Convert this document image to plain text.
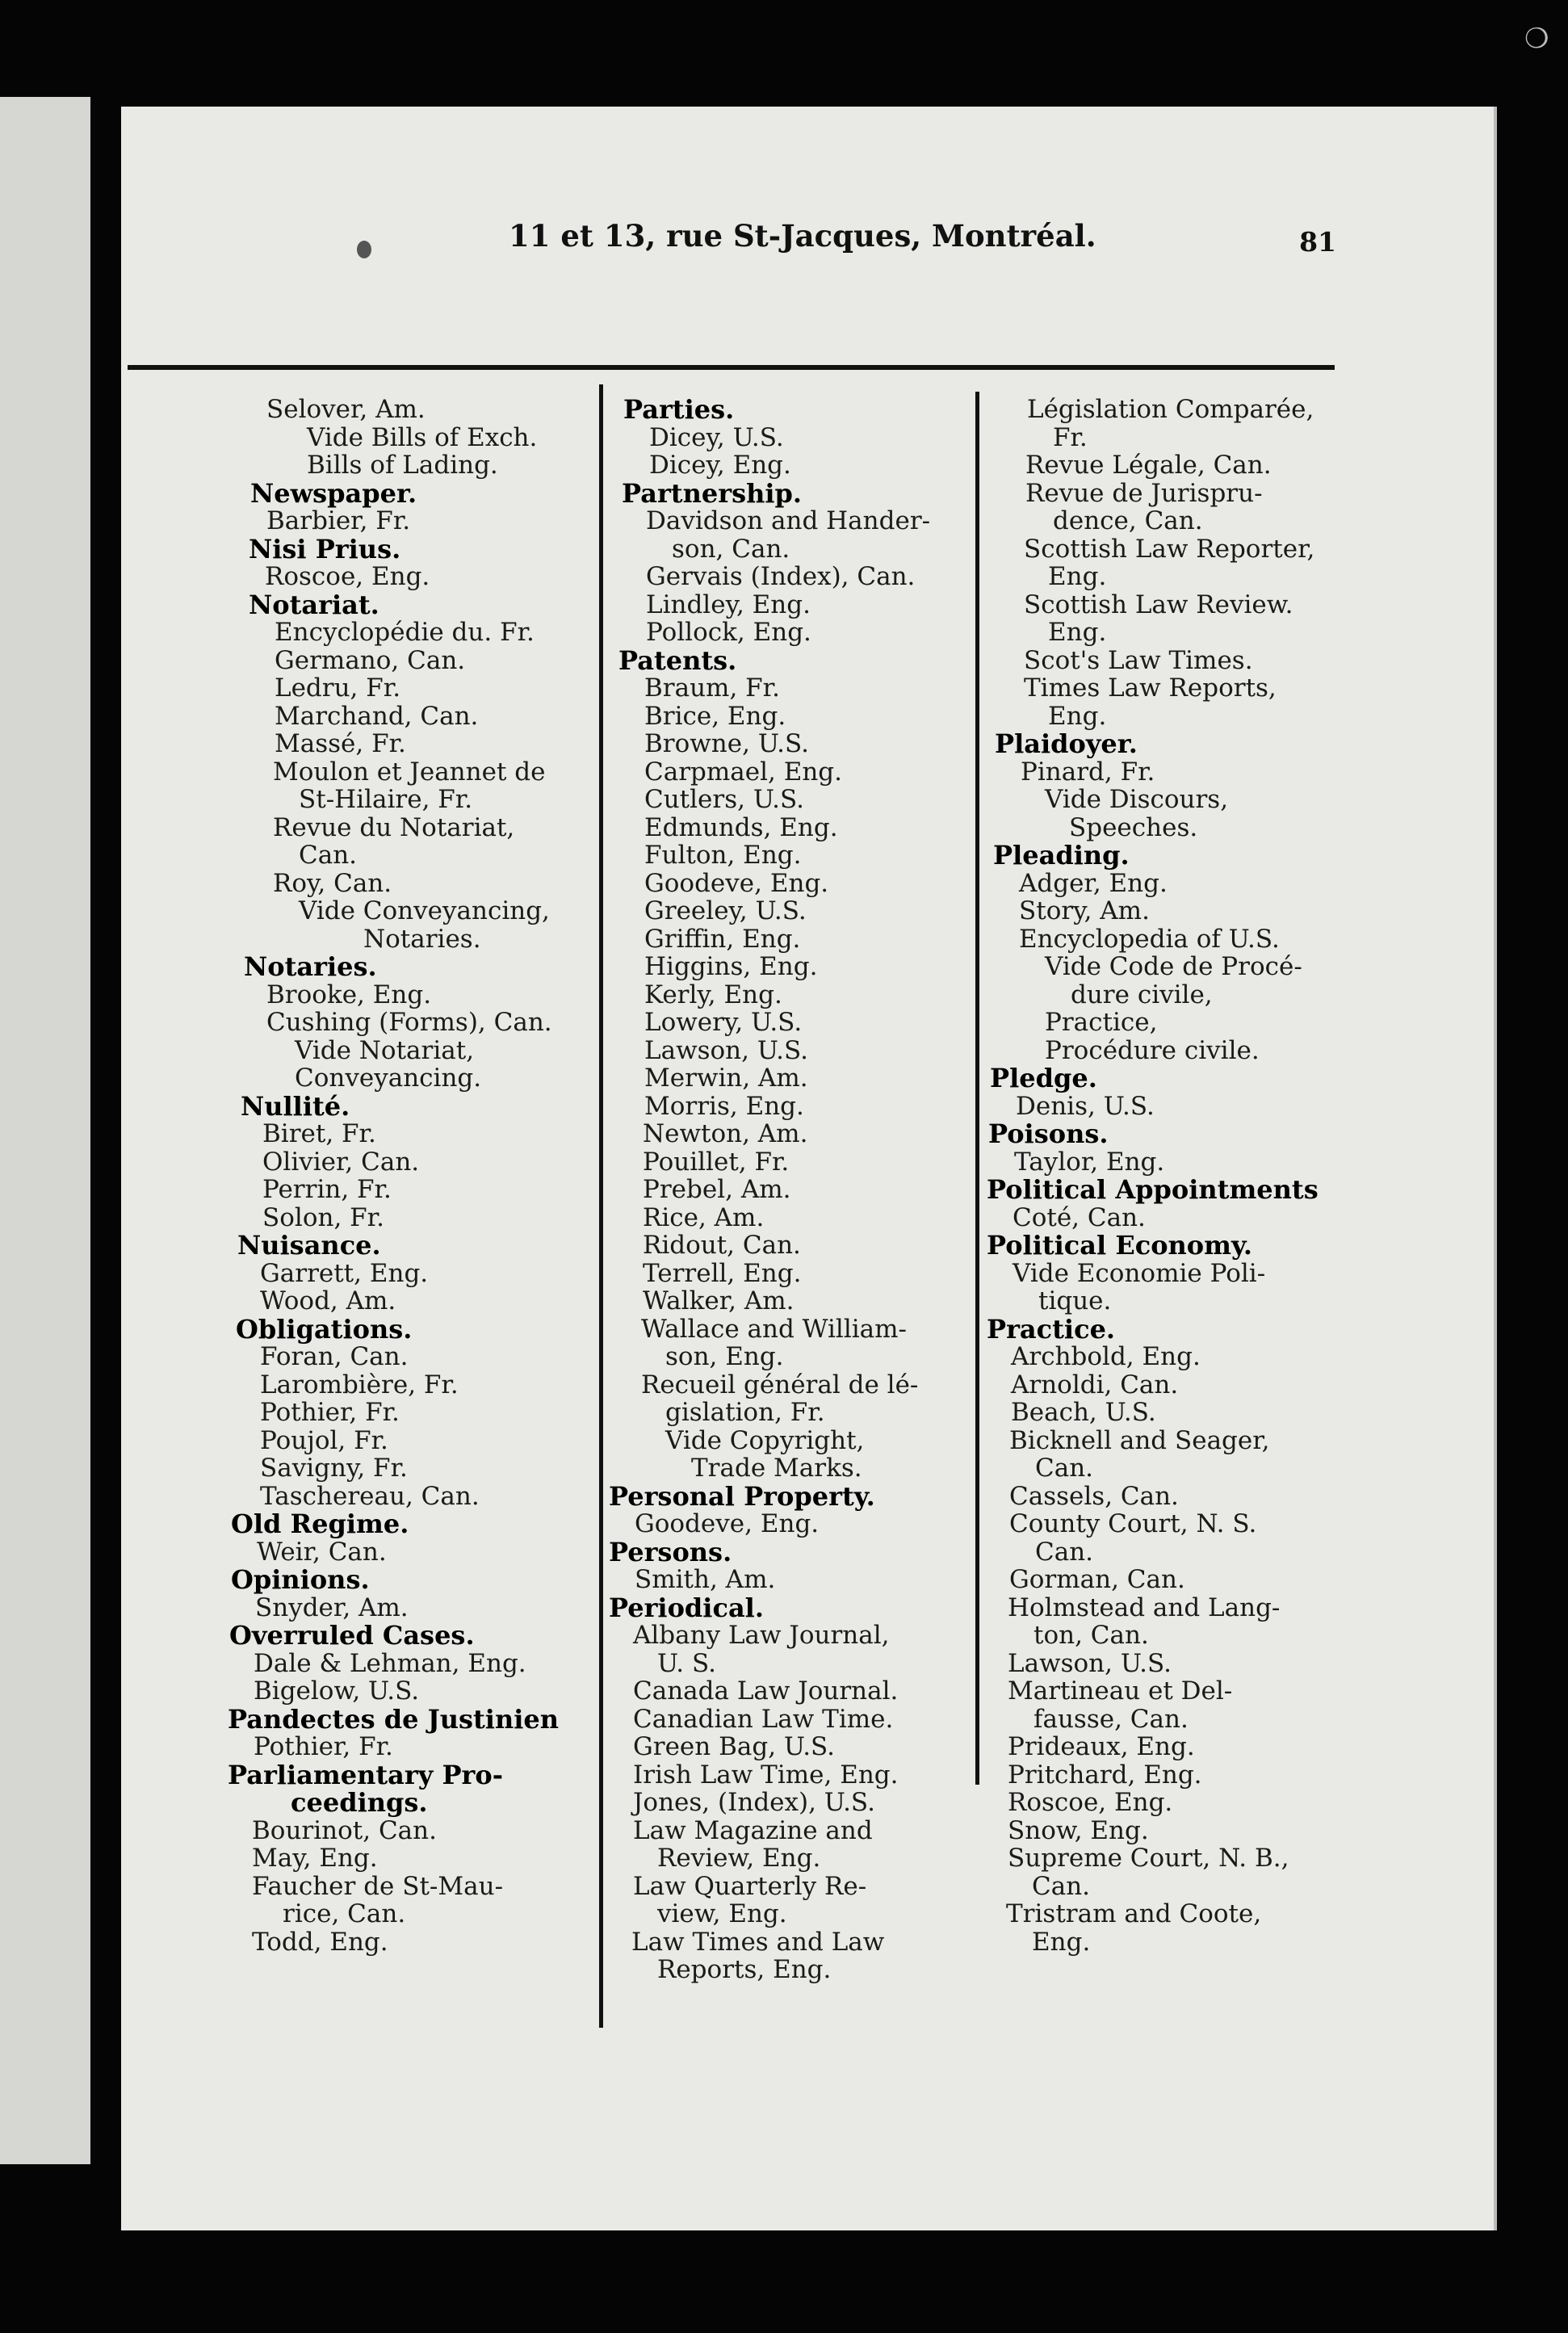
❍
11 et 13, rue St-Jacques, Montréal.	81
Selover, Am.
Vide Bills of Exch.
Bills of Lading.
Newspaper.
Barbier, Fr.
Nisi Prius.
Roscoe, Eng.
Notariat.
Encyclopédie du. Fr.
Germano, Can.
Ledru, Fr.
Marchand, Can.
Massé, Fr.
Moulon et Jeannet de
St-Hilaire, Fr.
Revue du Notariat,
Can.
Roy, Can.
Vide Conveyancing,
Notaries.
Notaries.
Brooke, Eng.
Cushing (Forms), Can.
Vide Notariat,
Conveyancing.
Nullité.
Biret, Fr.
Olivier, Can.
Perrin, Fr.
Solon, Fr.
Nuisance.
Garrett, Eng.
Wood, Am.
Obligations.
Foran, Can.
Larombière, Fr.
Pothier, Fr.
Poujol, Fr.
Savigny, Fr.
Taschereau, Can.
Old Regime.
Weir, Can.
Opinions.
Snyder, Am.
Overruled Cases.
Dale & Lehman, Eng.
Bigelow, U.S.
Pandectes de Justinien
Pothier, Fr.
Parliamentary Pro-
ceedings.
Bourinot, Can.
May, Eng.
Faucher de St-Mau-
rice, Can.
Todd, Eng.
Parties.
Dicey, U.S.
Dicey, Eng.
Partnership.
Davidson and Hander-
son, Can.
Gervais (Index), Can.
Lindley, Eng.
Pollock, Eng.
Patents.
Braum, Fr.
Brice, Eng.
Browne, U.S.
Carpmael, Eng.
Cutlers, U.S.
Edmunds, Eng.
Fulton, Eng.
Goodeve, Eng.
Greeley, U.S.
Griffin, Eng.
Higgins, Eng.
Kerly, Eng.
Lowery, U.S.
Lawson, U.S.
Merwin, Am.
Morris, Eng.
Newton, Am.
Pouillet, Fr.
Prebel, Am.
Rice, Am.
Ridout, Can.
Terrell, Eng.
Walker, Am.
Wallace and William-
son, Eng.
Recueil général de lé-
gislation, Fr.
Vide Copyright,
Trade Marks.
Personal Property.
Goodeve, Eng.
Persons.
Smith, Am.
Periodical.
Albany Law Journal,
U. S.
Canada Law Journal.
Canadian Law Time.
Green Bag, U.S.
Irish Law Time, Eng.
Jones, (Index), U.S.
Law Magazine and
Review, Eng.
Law Quarterly Re-
view, Eng.
Law Times and Law
Reports, Eng.
Législation Comparée,
Fr.
Revue Légale, Can.
Revue de Jurispru-
dence, Can.
Scottish Law Reporter,
Eng.
Scottish Law Review.
Eng.
Scot's Law Times.
Times Law Reports,
Eng.
Plaidoyer.
Pinard, Fr.
Vide Discours,
Speeches.
Pleading.
Adger, Eng.
Story, Am.
Encyclopedia of U.S.
Vide Code de Procé-
dure civile,
Practice,
Procédure civile.
Pledge.
Denis, U.S.
Poisons.
Taylor, Eng.
Political Appointments
Coté, Can.
Political Economy.
Vide Economie Poli-
tique.
Practice.
Archbold, Eng.
Arnoldi, Can.
Beach, U.S.
Bicknell and Seager,
Can.
Cassels, Can.
County Court, N. S.
Can.
Gorman, Can.
Holmstead and Lang-
ton, Can.
Lawson, U.S.
Martineau et Del-
fausse, Can.
Prideaux, Eng.
Pritchard, Eng.
Roscoe, Eng.
Snow, Eng.
Supreme Court, N. B.,
Can.
Tristram and Coote,
Eng.
